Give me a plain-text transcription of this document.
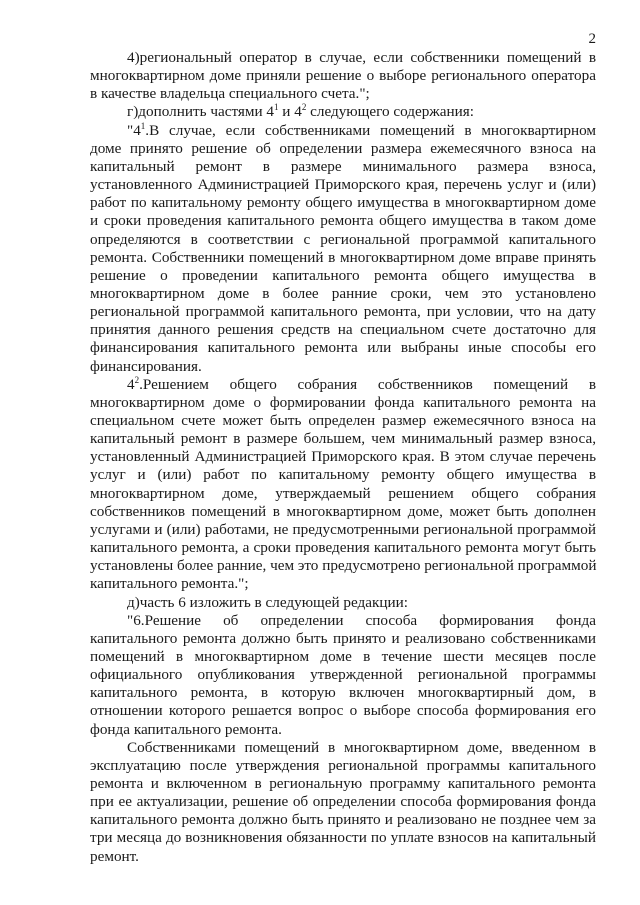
2
4)региональный оператор в случае, если собственники помещений в
многоквартирном доме приняли решение о выборе регионального оператора
в качестве владельца специального счета.";
г)дополнить частями $4^1$ и $4^2$ следующего содержания:
"$4^1.В$ случае, если собственниками помещений в многоквартирном
доме принято решение об определении размера ежемесячного взноса на
капитальный ремонт в размере минимального размера взноса,
установленного Администрацией Приморского края, перечень услуг и (или)
работ по капитальному ремонту общего имущества в многоквартирном доме
и сроки проведения капитального ремонта общего имущества в таком доме
определяются в соответствии с региональной программой капитального
ремонта. Собственники помещений в многоквартирном доме вправе принять
решение о проведении капитального ремонта общего имущества в
многоквартирном доме в более ранние сроки, чем это установлено
региональной программой капитального ремонта, при условии, что на дату
принятия данного решения средств на специальном счете достаточно для
финансирования капитального ремонта или выбраны иные способы его
финансирования.
$4^2.Решением$ общего собрания собственников помещений в
многоквартирном доме о формировании фонда капитального ремонта на
специальном счете может быть определен размер ежемесячного взноса на
капитальный ремонт в размере большем, чем минимальный размер взноса,
установленный Администрацией Приморского края. В этом случае перечень
услуг и (или) работ по капитальному ремонту общего имущества в
многоквартирном доме, утверждаемый решением общего собрания
собственников помещений в многоквартирном доме, может быть дополнен
услугами и (или) работами, не предусмотренными региональной программой
капитального ремонта, а сроки проведения капитального ремонта могут быть
установлены более ранние, чем это предусмотрено региональной программой
капитального ремонта.";
д)часть 6 изложить в следующей редакции:
"6.Решение об определении способа формирования фонда
капитального ремонта должно быть принято и реализовано собственниками
помещений в многоквартирном доме в течение шести месяцев после
официального опубликования утвержденной региональной программы
капитального ремонта, в которую включен многоквартирный дом, в
отношении которого решается вопрос о выборе способа формирования его
фонда капитального ремонта.
Собственниками помещений в многоквартирном доме, введенном в
эксплуатацию после утверждения региональной программы капитального
ремонта и включенном в региональную программу капитального ремонта
при ее актуализации, решение об определении способа формирования фонда
капитального ремонта должно быть принято и реализовано не позднее чем за
три месяца до возникновения обязанности по уплате взносов на капитальный
ремонт.
